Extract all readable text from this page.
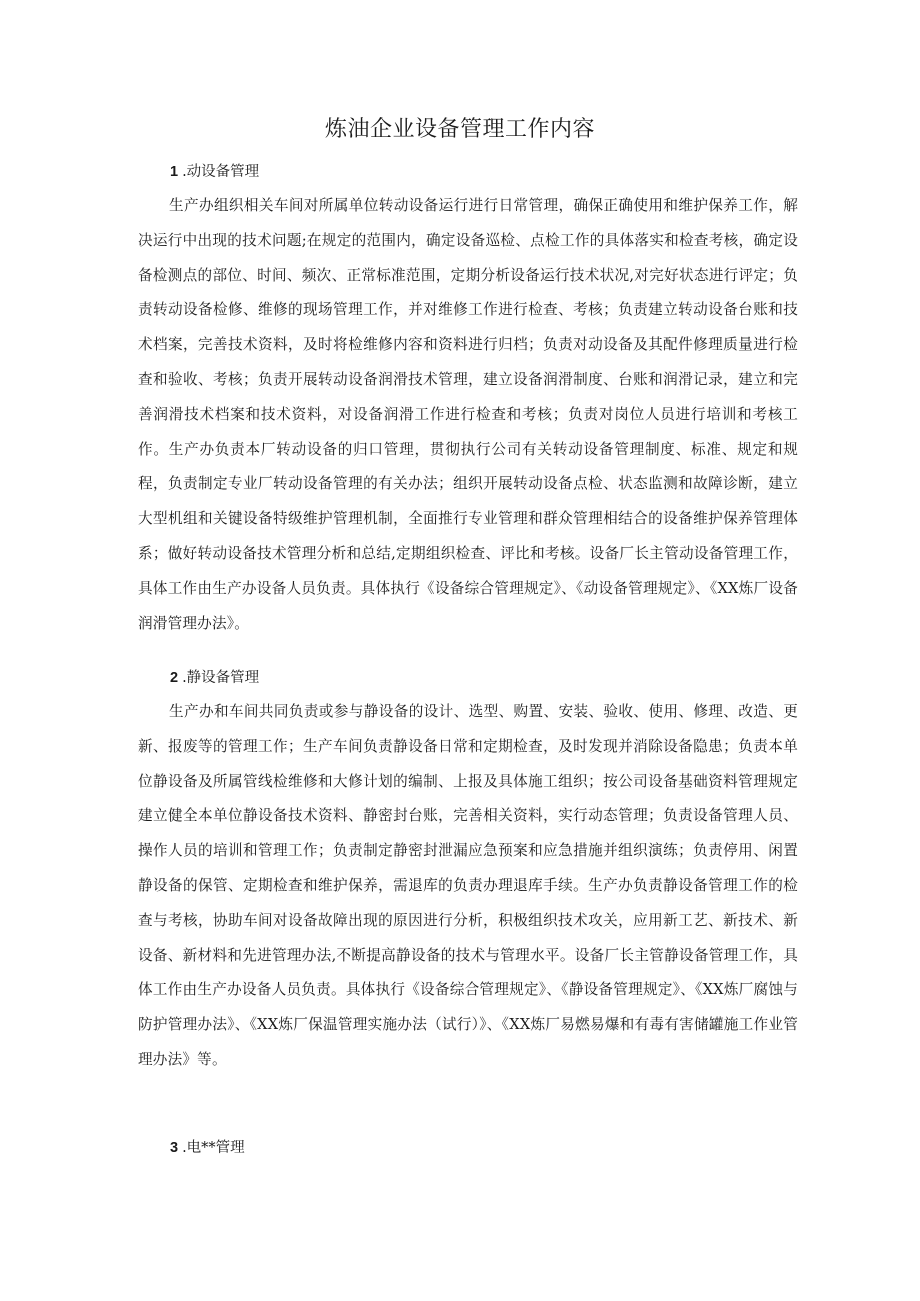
炼油企业设备管理工作内容
1 .动设备管理
生产办组织相关车间对所属单位转动设备运行进行日常管理，确保正确使用和维护保养工作，解决运行中出现的技术问题;在规定的范围内，确定设备巡检、点检工作的具体落实和检查考核，确定设备检测点的部位、时间、频次、正常标准范围，定期分析设备运行技术状况,对完好状态进行评定；负责转动设备检修、维修的现场管理工作，并对维修工作进行检查、考核；负责建立转动设备台账和技术档案，完善技术资料，及时将检维修内容和资料进行归档；负责对动设备及其配件修理质量进行检查和验收、考核；负责开展转动设备润滑技术管理，建立设备润滑制度、台账和润滑记录，建立和完善润滑技术档案和技术资料，对设备润滑工作进行检查和考核；负责对岗位人员进行培训和考核工作。生产办负责本厂转动设备的归口管理，贯彻执行公司有关转动设备管理制度、标准、规定和规程，负责制定专业厂转动设备管理的有关办法；组织开展转动设备点检、状态监测和故障诊断，建立大型机组和关键设备特级维护管理机制，全面推行专业管理和群众管理相结合的设备维护保养管理体系；做好转动设备技术管理分析和总结,定期组织检查、评比和考核。设备厂长主管动设备管理工作，具体工作由生产办设备人员负责。具体执行《设备综合管理规定》、《动设备管理规定》、《XX炼厂设备润滑管理办法》。
2 .静设备管理
生产办和车间共同负责或参与静设备的设计、选型、购置、安装、验收、使用、修理、改造、更新、报废等的管理工作；生产车间负责静设备日常和定期检查，及时发现并消除设备隐患；负责本单位静设备及所属管线检维修和大修计划的编制、上报及具体施工组织；按公司设备基础资料管理规定建立健全本单位静设备技术资料、静密封台账，完善相关资料，实行动态管理；负责设备管理人员、操作人员的培训和管理工作；负责制定静密封泄漏应急预案和应急措施并组织演练；负责停用、闲置静设备的保管、定期检查和维护保养，需退库的负责办理退库手续。生产办负责静设备管理工作的检查与考核，协助车间对设备故障出现的原因进行分析，积极组织技术攻关，应用新工艺、新技术、新设备、新材料和先进管理办法,不断提高静设备的技术与管理水平。设备厂长主管静设备管理工作，具体工作由生产办设备人员负责。具体执行《设备综合管理规定》、《静设备管理规定》、《XX炼厂腐蚀与防护管理办法》、《XX炼厂保温管理实施办法（试行）》、《XX炼厂易燃易爆和有毒有害储罐施工作业管理办法》等。
3 .电**管理
